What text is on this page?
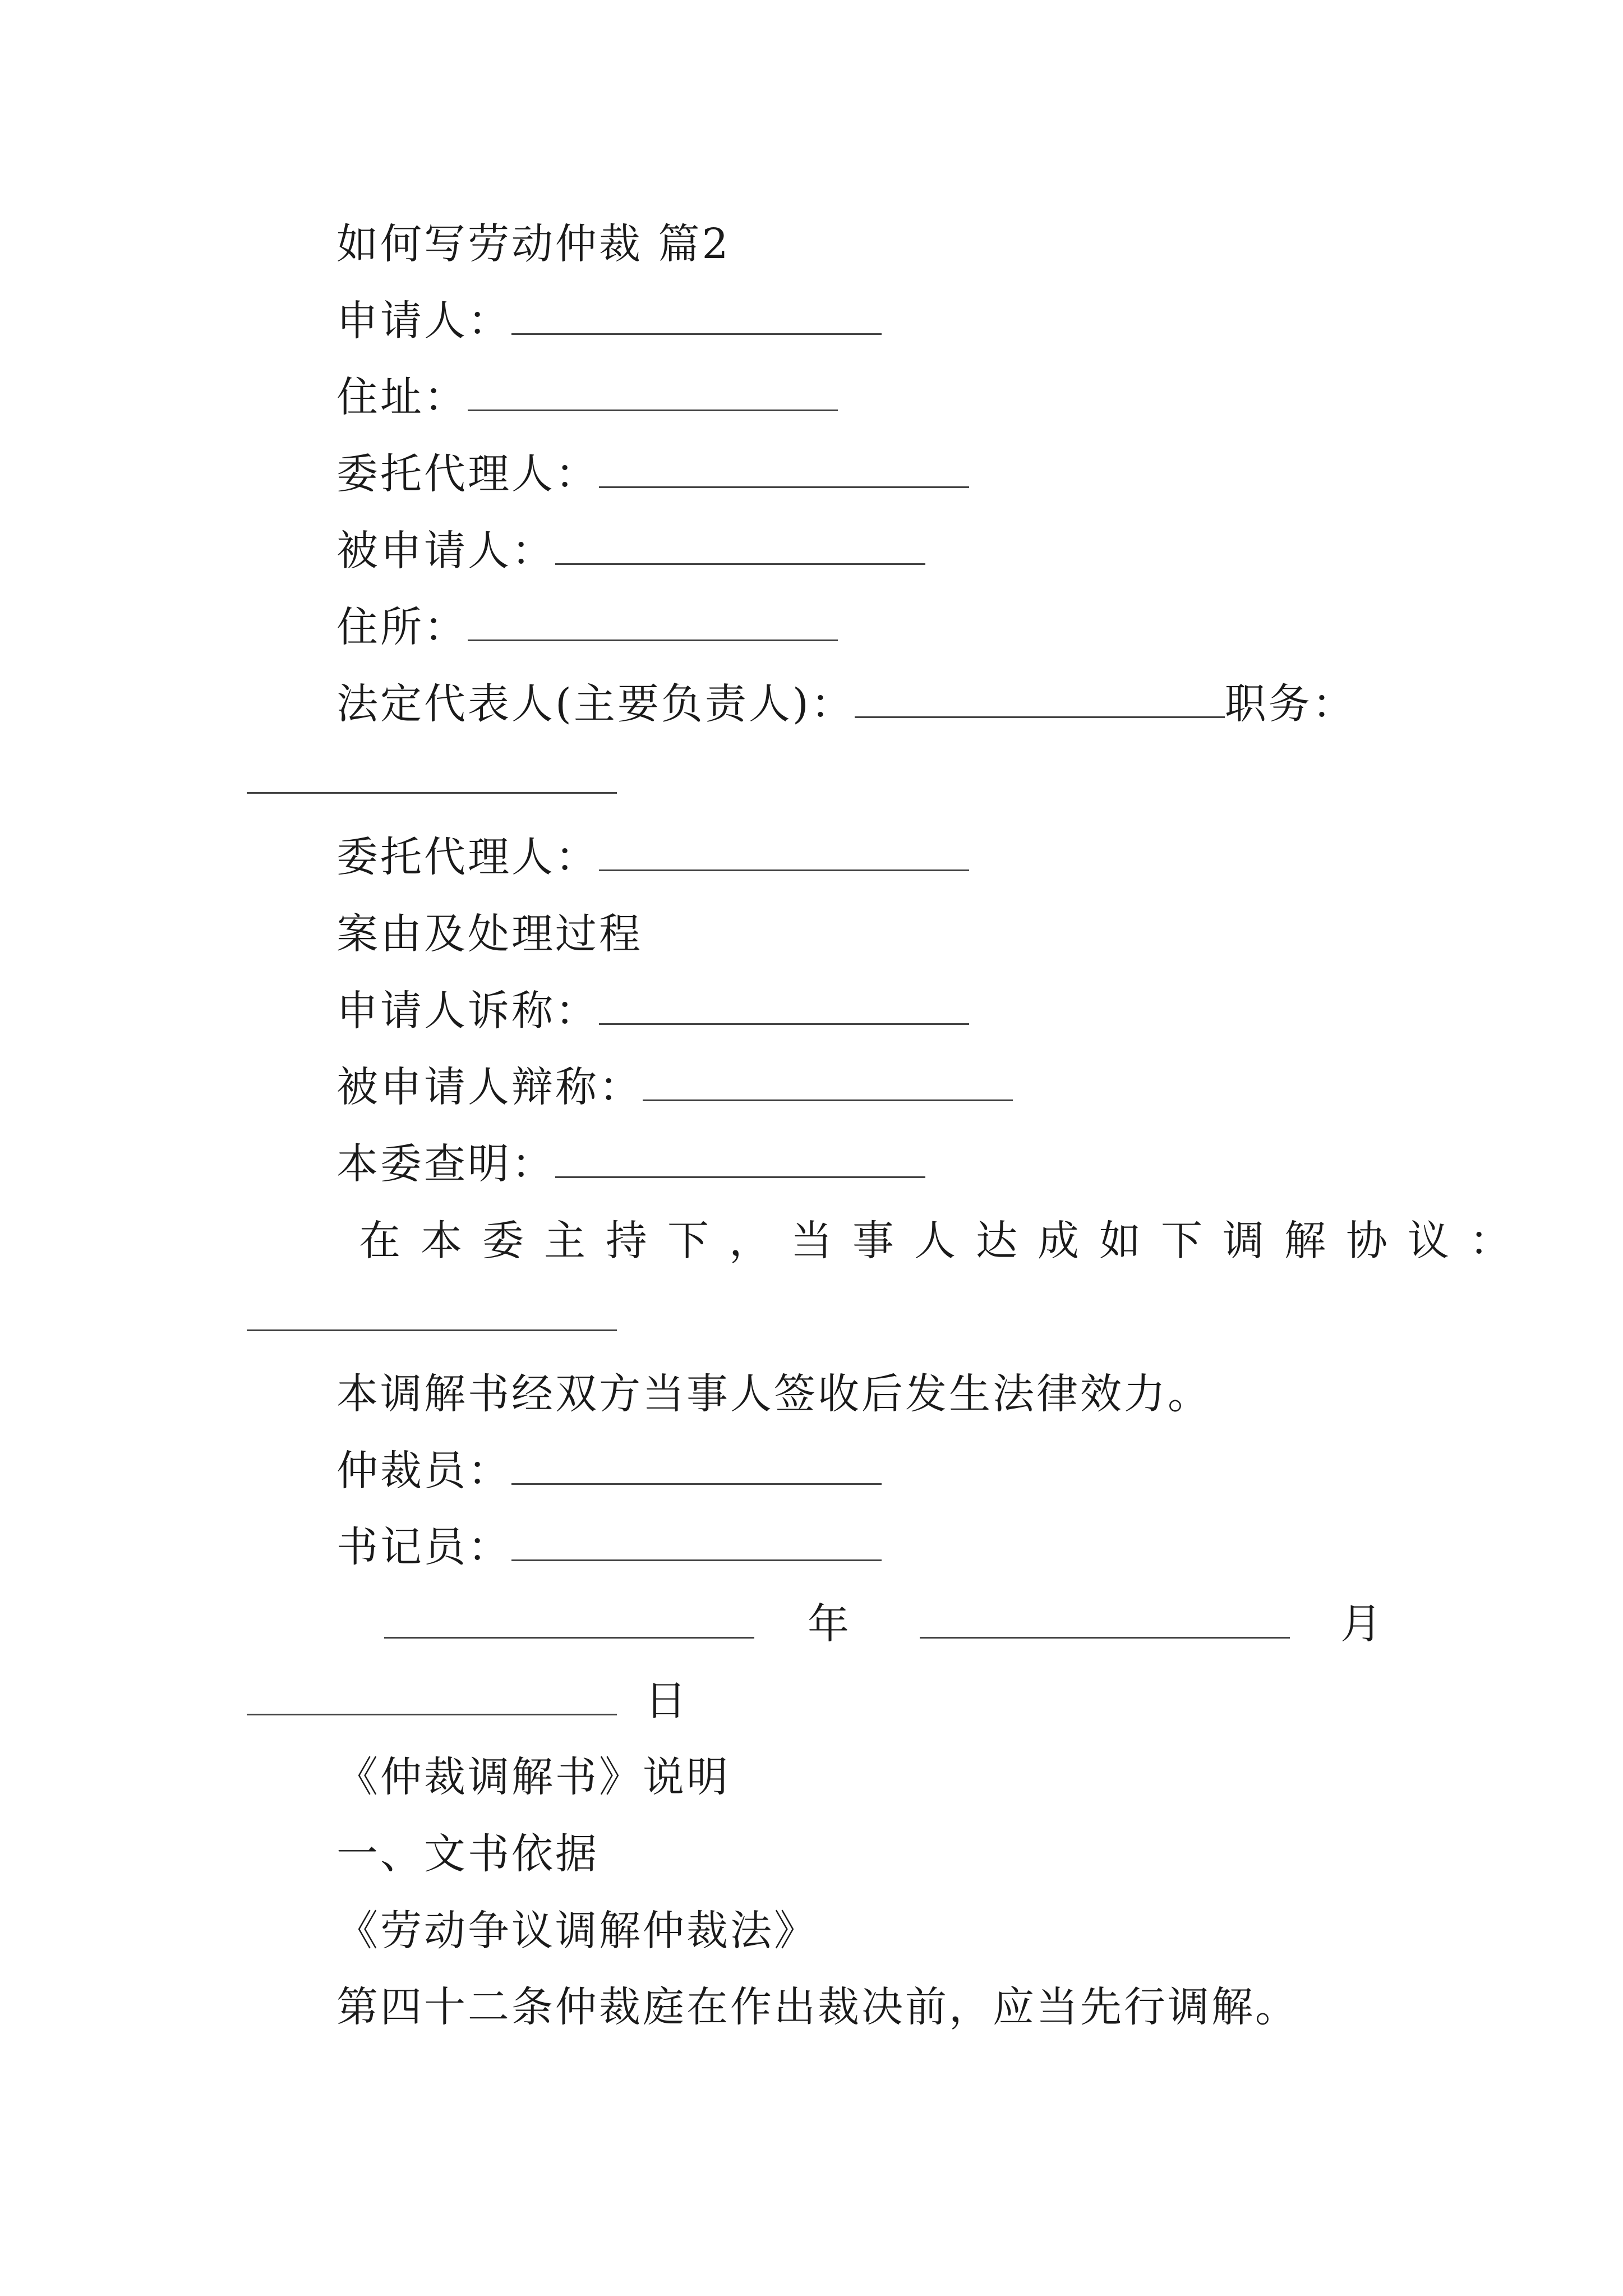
如何写劳动仲裁 篇2
申请人：
住址：
委托代理人：
被申请人：
住所：
法定代表人(主要负责人)：	职务：
委托代理人：
案由及处理过程
申请人诉称：
被申请人辩称：
本委查明：
在本委主持下，当事人达成如下调解协议：
本调解书经双方当事人签收后发生法律效力。
仲裁员：
书记员：
年	月
日
《仲裁调解书》说明
一、文书依据
《劳动争议调解仲裁法》
第四十二条仲裁庭在作出裁决前，应当先行调解。
